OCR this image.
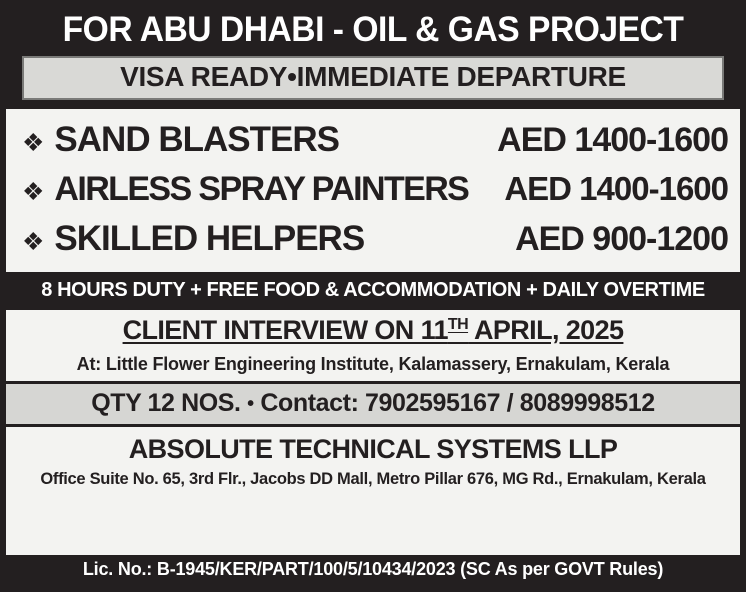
FOR ABU DHABI - OIL & GAS PROJECT
VISA READY•IMMEDIATE DEPARTURE
❖ SAND BLASTERS	AED 1400-1600
❖ AIRLESS SPRAY PAINTERS AED 1400-1600
❖ SKILLED HELPERS	AED 900-1200
8 HOURS DUTY + FREE FOOD & ACCOMMODATION + DAILY OVERTIME
CLIENT INTERVIEW ON 11TH APRIL, 2025
At: Little Flower Engineering Institute, Kalamassery, Ernakulam, Kerala
QTY 12 NOS. • Contact: 7902595167 / 8089998512
ABSOLUTE TECHNICAL SYSTEMS LLP
Office Suite No. 65, 3rd Flr., Jacobs DD Mall, Metro Pillar 676, MG Rd., Ernakulam, Kerala
Lic. No.: B-1945/KER/PART/100/5/10434/2023 (SC As per GOVT Rules)
